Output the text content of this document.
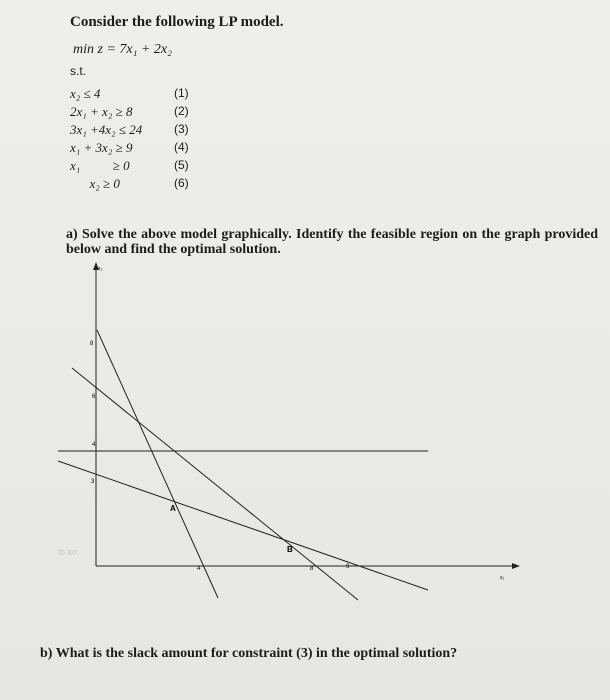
Consider the following LP model.
min z = 7x₁ + 2x₂
s.t.
x₂ ≤ 4	(1)
2x₁ + x₂ ≥ 8	(2)
3x₁ +4x₂ ≤ 24	(3)
x₁ + 3x₂ ≥ 9	(4)
x₁          ≥ 0	(5)
x₂ ≥ 0	(6)
a) Solve the above model graphically. Identify the feasible region on the graph provided below and find the optimal solution.
8
6
4
3
4	8	9
x₂
x₁
A
B
lo so
b) What is the slack amount for constraint (3) in the optimal solution?
